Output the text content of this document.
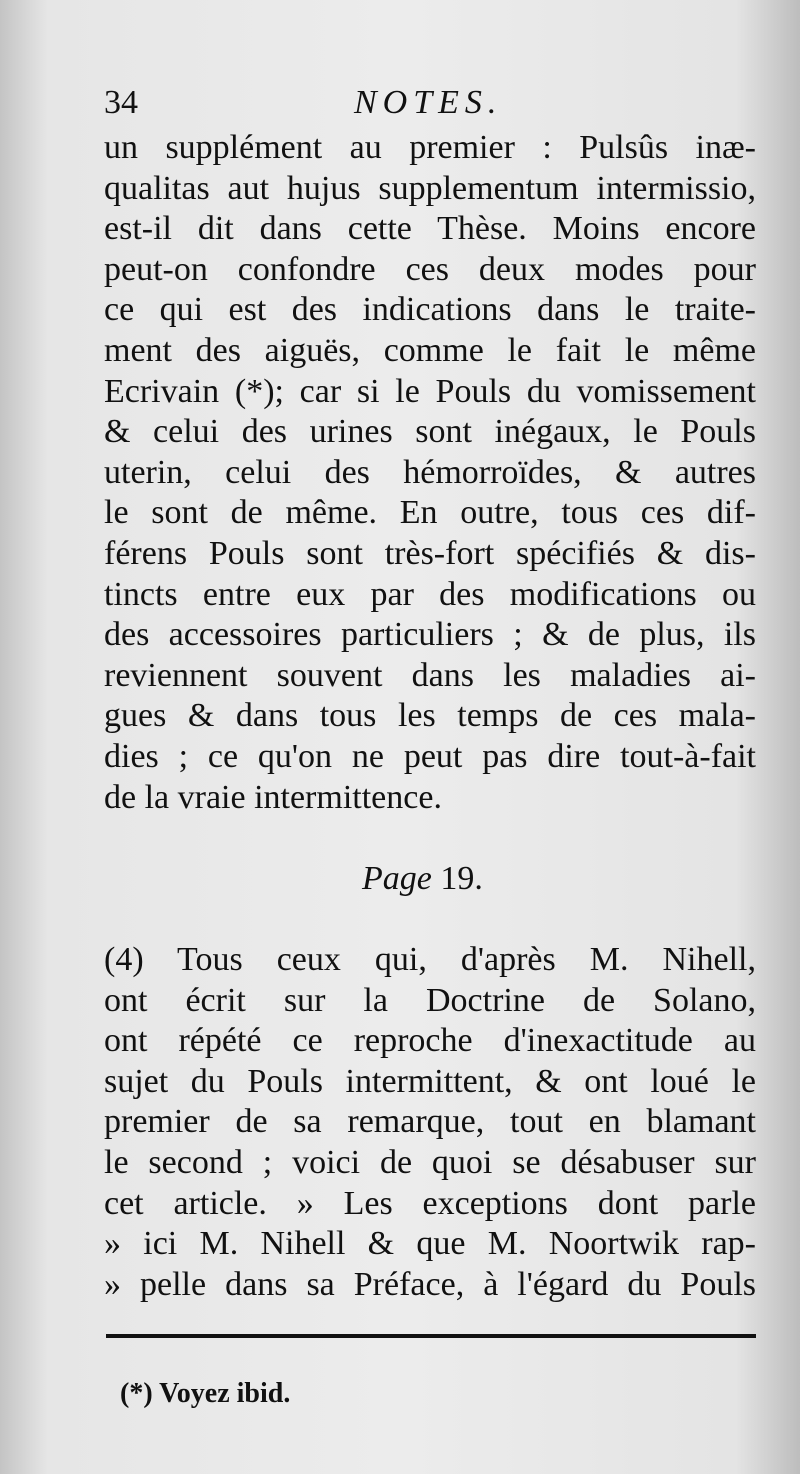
34	NOTES.
un supplément au premier : Pulsûs inæ-
qualitas aut hujus supplementum intermissio,
est-il dit dans cette Thèse. Moins encore
peut-on confondre ces deux modes pour
ce qui est des indications dans le traite-
ment des aiguës, comme le fait le même
Ecrivain (*); car si le Pouls du vomissement
& celui des urines sont inégaux, le Pouls
uterin, celui des hémorroïdes, & autres
le sont de même. En outre, tous ces dif-
férens Pouls sont très-fort spécifiés & dis-
tincts entre eux par des modifications ou
des accessoires particuliers ; & de plus, ils
reviennent souvent dans les maladies ai-
gues & dans tous les temps de ces mala-
dies ; ce qu'on ne peut pas dire tout-à-fait
de la vraie intermittence.
Page 19.
(4) Tous ceux qui, d'après M. Nihell,
ont écrit sur la Doctrine de Solano,
ont répété ce reproche d'inexactitude au
sujet du Pouls intermittent, & ont loué le
premier de sa remarque, tout en blamant
le second ; voici de quoi se désabuser sur
cet article. » Les exceptions dont parle
» ici M. Nihell & que M. Noortwik rap-
» pelle dans sa Préface, à l'égard du Pouls
(*) Voyez ibid.
